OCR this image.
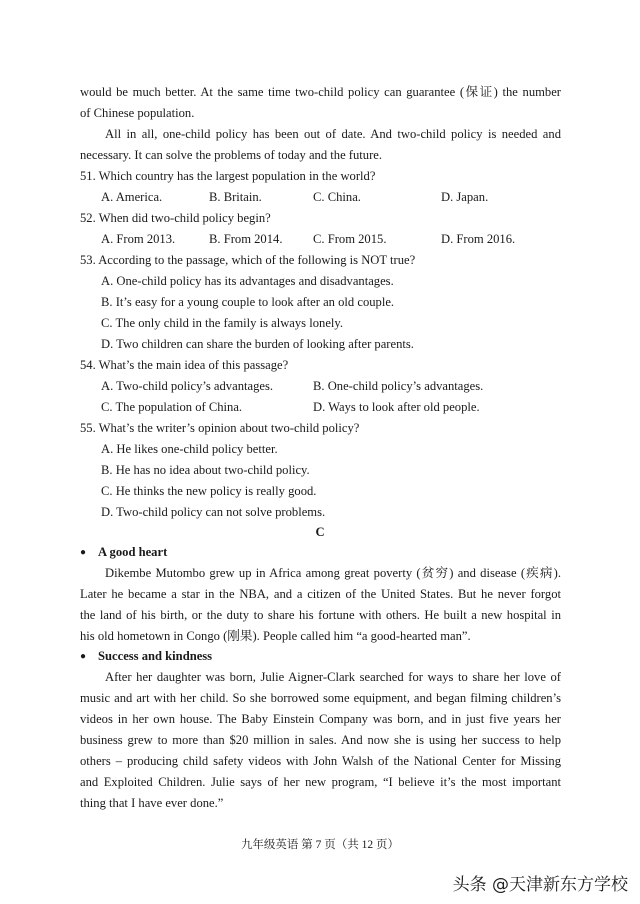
would be much better. At the same time two-child policy can guarantee (保证) the number
of Chinese population.
All in all, one-child policy has been out of date. And two-child policy is needed and
necessary. It can solve the problems of today and the future.
51. Which country has the largest population in the world?
A. America.	B. Britain.	C. China.	D. Japan.
52. When did two-child policy begin?
A. From 2013.	B. From 2014. C. From 2015.	D. From 2016.
53. According to the passage, which of the following is NOT true?
A. One-child policy has its advantages and disadvantages.
B. It’s easy for a young couple to look after an old couple.
C. The only child in the family is always lonely.
D. Two children can share the burden of looking after parents.
54. What’s the main idea of this passage?
A. Two-child policy’s advantages.	B. One-child policy’s advantages.
C. The population of China.	D. Ways to look after old people.
55. What’s the writer’s opinion about two-child policy?
A. He likes one-child policy better.
B. He has no idea about two-child policy.
C. He thinks the new policy is really good.
D. Two-child policy can not solve problems.
C
● A good heart
Dikembe Mutombo grew up in Africa among great poverty (贫穷) and disease (疾病).
Later he became a star in the NBA, and a citizen of the United States. But he never forgot
the land of his birth, or the duty to share his fortune with others. He built a new hospital in
his old hometown in Congo (刚果). People called him “a good-hearted man”.
● Success and kindness
After her daughter was born, Julie Aigner-Clark searched for ways to share her love of
music and art with her child. So she borrowed some equipment, and began filming children’s
videos in her own house. The Baby Einstein Company was born, and in just five years her
business grew to more than $20 million in sales. And now she is using her success to help
others – producing child safety videos with John Walsh of the National Center for Missing
and Exploited Children. Julie says of her new program, “I believe it’s the most important
thing that I have ever done.”
九年级英语 第 7 页（共 12 页）
头条 @天津新东方学校
